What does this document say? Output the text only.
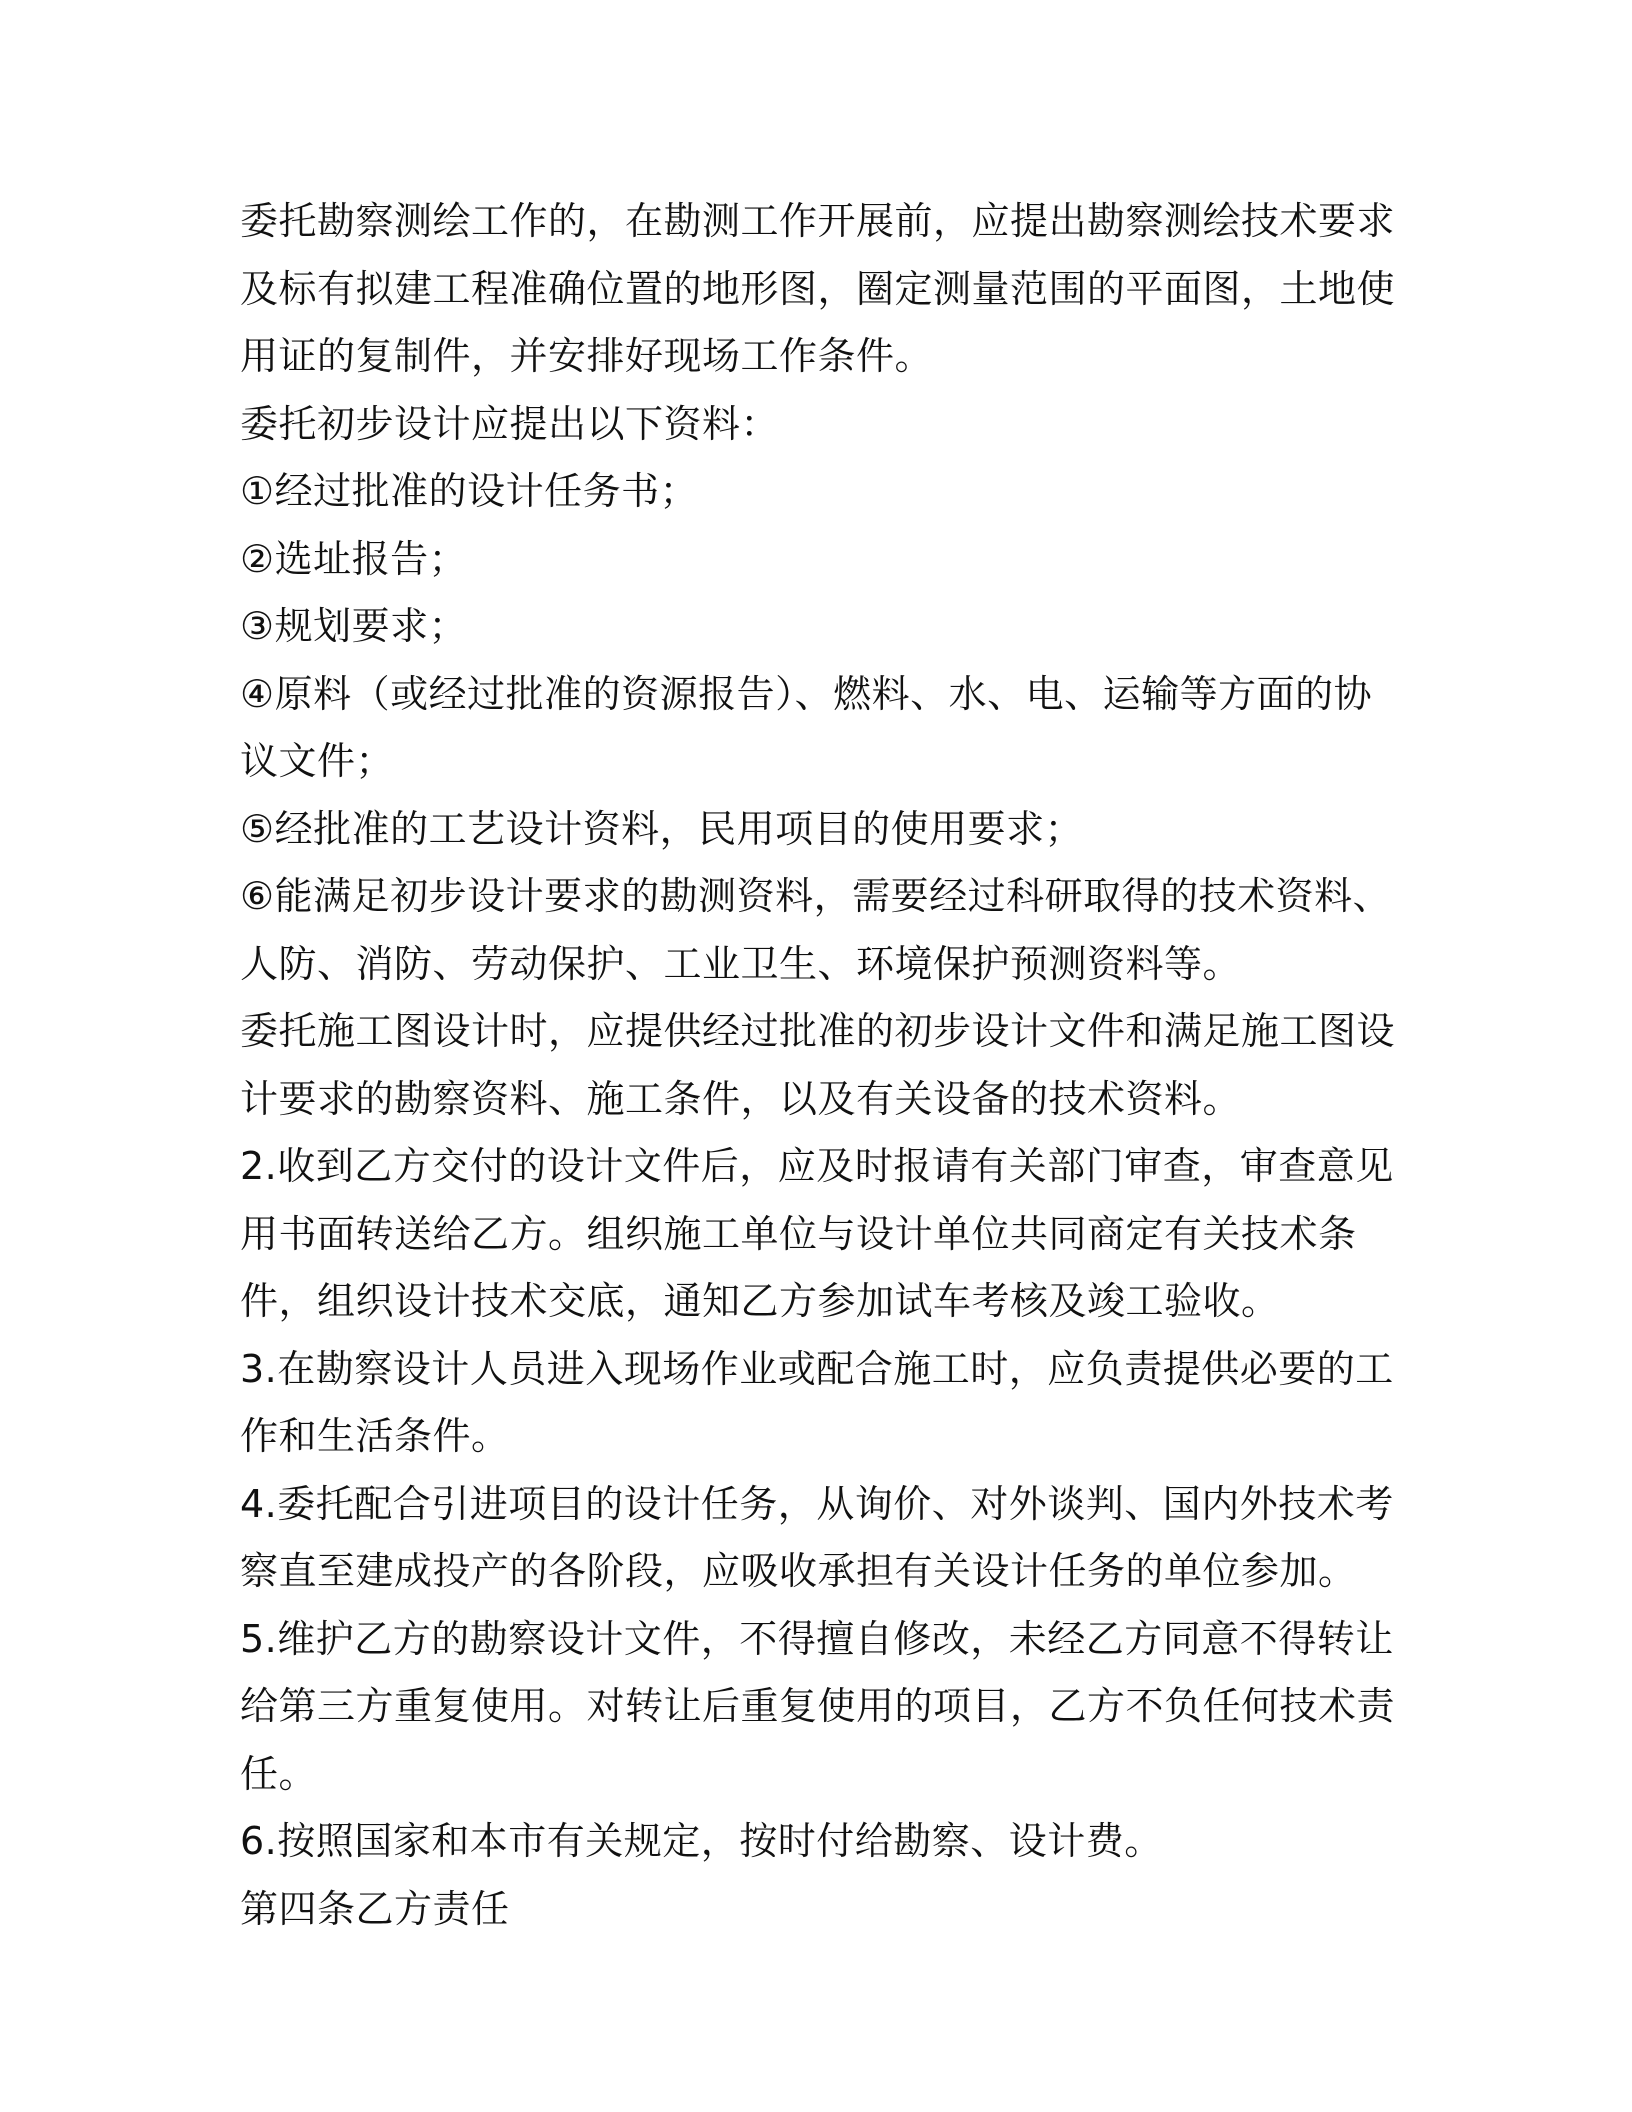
委托勘察测绘工作的，在勘测工作开展前，应提出勘察测绘技术要求及标有拟建工程准确位置的地形图，圈定测量范围的平面图，土地使用证的复制件，并安排好现场工作条件。

委托初步设计应提出以下资料：

①经过批准的设计任务书；

②选址报告；

③规划要求；

④原料（或经过批准的资源报告）、燃料、水、电、运输等方面的协议文件；

⑤经批准的工艺设计资料，民用项目的使用要求；

⑥能满足初步设计要求的勘测资料，需要经过科研取得的技术资料、人防、消防、劳动保护、工业卫生、环境保护预测资料等。

委托施工图设计时，应提供经过批准的初步设计文件和满足施工图设计要求的勘察资料、施工条件，以及有关设备的技术资料。

2.收到乙方交付的设计文件后，应及时报请有关部门审查，审查意见用书面转送给乙方。组织施工单位与设计单位共同商定有关技术条件，组织设计技术交底，通知乙方参加试车考核及竣工验收。

3.在勘察设计人员进入现场作业或配合施工时，应负责提供必要的工作和生活条件。

4.委托配合引进项目的设计任务，从询价、对外谈判、国内外技术考察直至建成投产的各阶段，应吸收承担有关设计任务的单位参加。

5.维护乙方的勘察设计文件，不得擅自修改，未经乙方同意不得转让给第三方重复使用。对转让后重复使用的项目，乙方不负任何技术责任。

6.按照国家和本市有关规定，按时付给勘察、设计费。

第四条乙方责任
